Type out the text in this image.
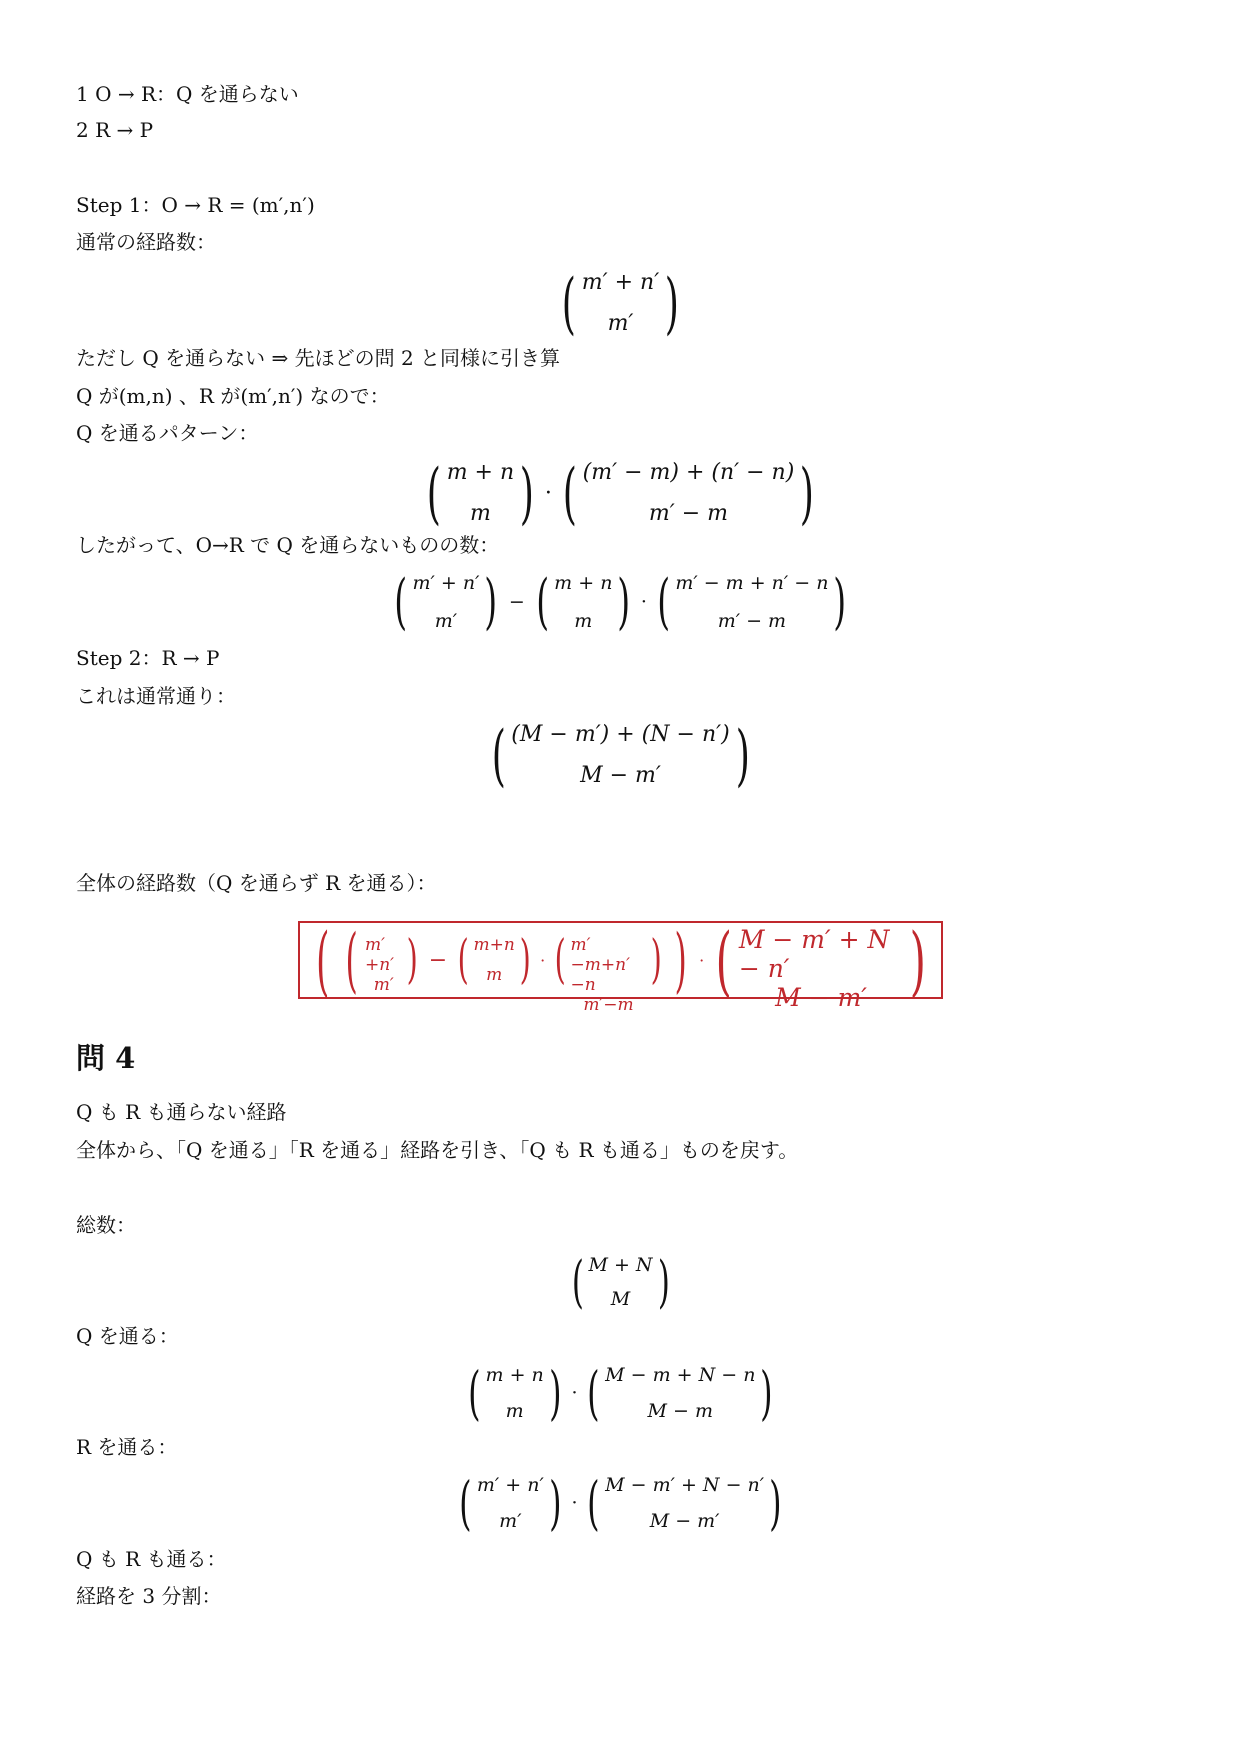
1 O → R：Q を通らない
2 R → P
Step 1：O → R = (m′,n′)
通常の経路数：
( m′ + n′
m′ )
ただし Q を通らない ⇒ 先ほどの問 2 と同様に引き算
Q が(m,n) 、R が(m′,n′) なので：
Q を通るパターン：
( m + n
m ) · ( (m′ − m) + (n′ − n)
m′ − m )
したがって、O→R で Q を通らないものの数：
( m′ + n′
m′ ) − ( m + n
m ) · ( m′ − m + n′ − n
m′ − m )
Step 2：R → P
これは通常通り：
( (M − m′) + (N − n′)
M − m′ )
全体の経路数（Q を通らず R を通る）：
( ( m′+n′
m′ ) − ( m+n
m ) · ( m′−m+n′−n
m′−m
) ) · ( M − m′ + N − n′
M − m′ )
問 4
Q も R も通らない経路
全体から、「Q を通る」「R を通る」経路を引き、「Q も R も通る」ものを戻す。
総数：
( M + N
M )
Q を通る：
( m + n
m ) · ( M − m + N − n
M − m )
R を通る：
( m′ + n′
m′ ) · ( M − m′ + N − n′
M − m′ )
Q も R も通る：
経路を 3 分割：
